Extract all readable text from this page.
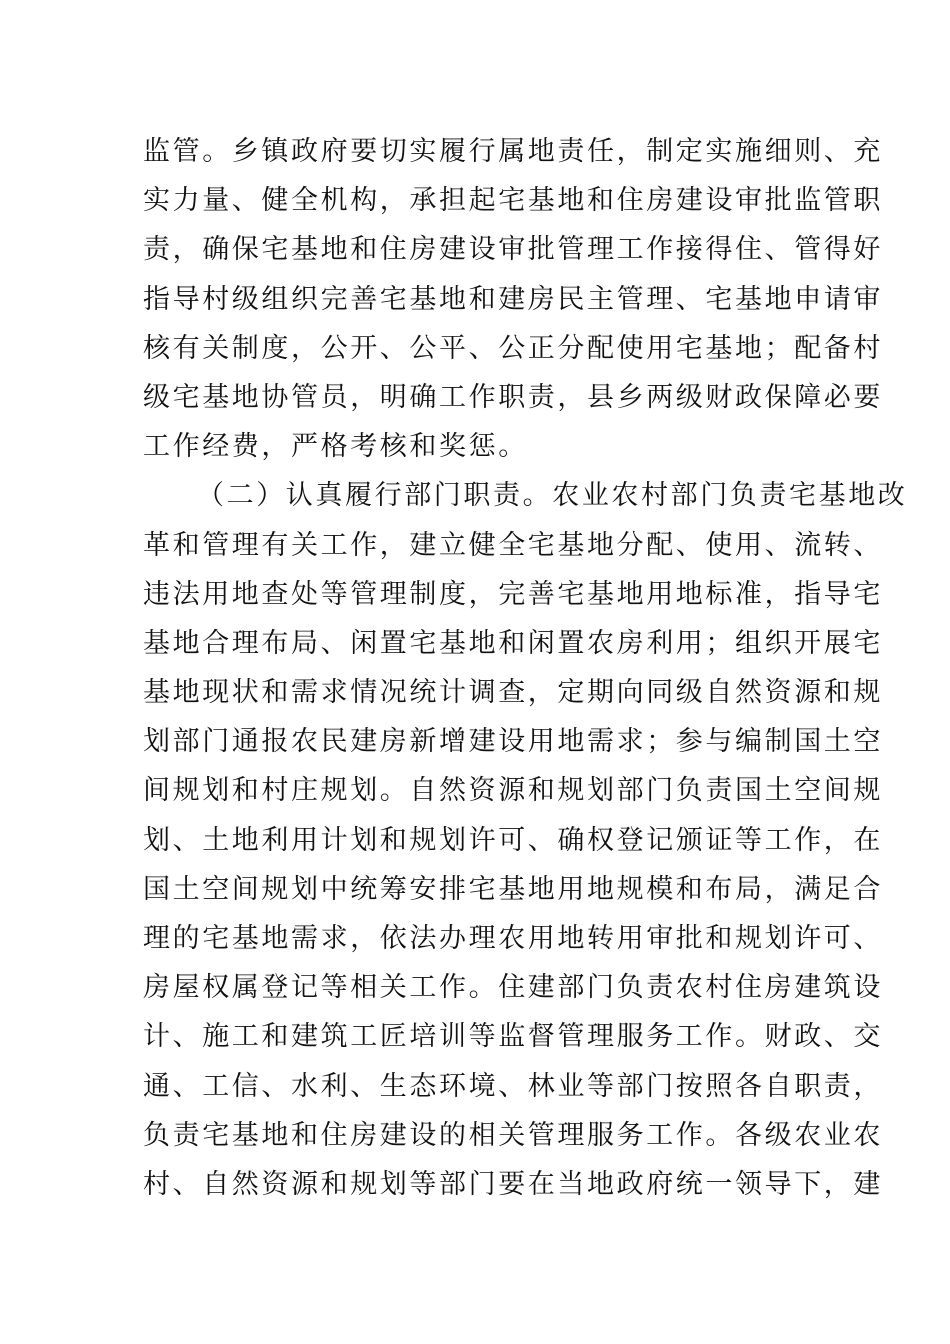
监管。乡镇政府要切实履行属地责任，制定实施细则、充
实力量、健全机构，承担起宅基地和住房建设审批监管职
责，确保宅基地和住房建设审批管理工作接得住、管得好
指导村级组织完善宅基地和建房民主管理、宅基地申请审
核有关制度，公开、公平、公正分配使用宅基地；配备村
级宅基地协管员，明确工作职责，县乡两级财政保障必要
工作经费，严格考核和奖惩。
（二）认真履行部门职责。农业农村部门负责宅基地改
革和管理有关工作，建立健全宅基地分配、使用、流转、
违法用地查处等管理制度，完善宅基地用地标准，指导宅
基地合理布局、闲置宅基地和闲置农房利用；组织开展宅
基地现状和需求情况统计调查，定期向同级自然资源和规
划部门通报农民建房新增建设用地需求；参与编制国土空
间规划和村庄规划。自然资源和规划部门负责国土空间规
划、土地利用计划和规划许可、确权登记颁证等工作，在
国土空间规划中统筹安排宅基地用地规模和布局，满足合
理的宅基地需求，依法办理农用地转用审批和规划许可、
房屋权属登记等相关工作。住建部门负责农村住房建筑设
计、施工和建筑工匠培训等监督管理服务工作。财政、交
通、工信、水利、生态环境、林业等部门按照各自职责，
负责宅基地和住房建设的相关管理服务工作。各级农业农
村、自然资源和规划等部门要在当地政府统一领导下，建
